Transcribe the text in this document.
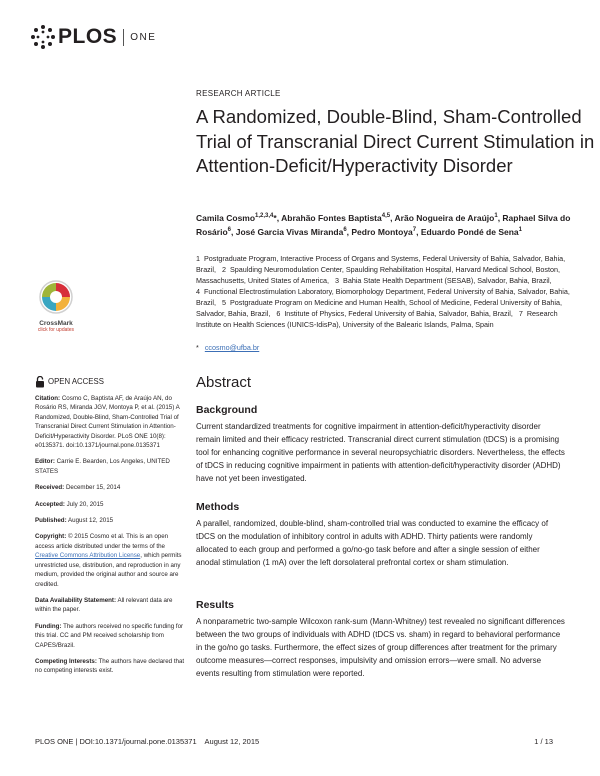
PLOS ONE
RESEARCH ARTICLE
A Randomized, Double-Blind, Sham-Controlled Trial of Transcranial Direct Current Stimulation in Attention-Deficit/Hyperactivity Disorder
Camila Cosmo$^{1,2,3,4}$*, Abrahão Fontes Baptista$^{4,5}$, Arão Nogueira de Araújo$^1$, Raphael Silva do Rosário$^6$, José Garcia Vivas Miranda$^6$, Pedro Montoya$^7$, Eduardo Pondé de Sena$^1$
1 Postgraduate Program, Interactive Process of Organs and Systems, Federal University of Bahia, Salvador, Bahia, Brazil, 2 Spaulding Neuromodulation Center, Spaulding Rehabilitation Hospital, Harvard Medical School, Boston, Massachusetts, United States of America, 3 Bahia State Health Department (SESAB), Salvador, Bahia, Brazil, 4 Functional Electrostimulation Laboratory, Biomorphology Department, Federal University of Bahia, Salvador, Bahia, Brazil, 5 Postgraduate Program on Medicine and Human Health, School of Medicine, Federal University of Bahia, Salvador, Bahia, Brazil, 6 Institute of Physics, Federal University of Bahia, Salvador, Bahia, Brazil, 7 Research Institute on Health Sciences (IUNICS-IdisPa), University of the Balearic Islands, Palma, Spain
* ccosmo@ufba.br
CrossMark
click for updates
OPEN ACCESS

Citation: Cosmo C, Baptista AF, de Araújo AN, do Rosário RS, Miranda JGV, Montoya P, et al. (2015) A Randomized, Double-Blind, Sham-Controlled Trial of Transcranial Direct Current Stimulation in Attention-Deficit/Hyperactivity Disorder. PLoS ONE 10(8): e0135371. doi:10.1371/journal.pone.0135371

Editor: Carrie E. Bearden, Los Angeles, UNITED STATES

Received: December 15, 2014

Accepted: July 20, 2015

Published: August 12, 2015

Copyright: © 2015 Cosmo et al. This is an open access article distributed under the terms of the Creative Commons Attribution License, which permits unrestricted use, distribution, and reproduction in any medium, provided the original author and source are credited.

Data Availability Statement: All relevant data are within the paper.

Funding: The authors received no specific funding for this trial. CC and PM received scholarship from CAPES/Brazil.

Competing Interests: The authors have declared that no competing interests exist.

Abstract
Background

Current standardized treatments for cognitive impairment in attention-deficit/hyperactivity disorder remain limited and their efficacy restricted. Transcranial direct current stimulation (tDCS) is a promising tool for enhancing cognitive performance in several neuropsychiatric disorders. Nevertheless, the effects of tDCS in reducing cognitive impairment in patients with attention-deficit/hyperactivity disorder (ADHD) have not yet been investigated.

Methods

A parallel, randomized, double-blind, sham-controlled trial was conducted to examine the efficacy of tDCS on the modulation of inhibitory control in adults with ADHD. Thirty patients were randomly allocated to each group and performed a go/no-go task before and after a single session of either anodal stimulation (1 mA) over the left dorsolateral prefrontal cortex or sham stimulation.

Results

A nonparametric two-sample Wilcoxon rank-sum (Mann-Whitney) test revealed no significant differences between the two groups of individuals with ADHD (tDCS vs. sham) in regard to behavioral performance in the go/no go tasks. Furthermore, the effect sizes of group differences after treatment for the primary outcome measures—correct responses, impulsivity and omission errors—were small. No adverse events resulting from stimulation were reported.

PLOS ONE | DOI:10.1371/journal.pone.0135371    August 12, 2015	1 / 13
